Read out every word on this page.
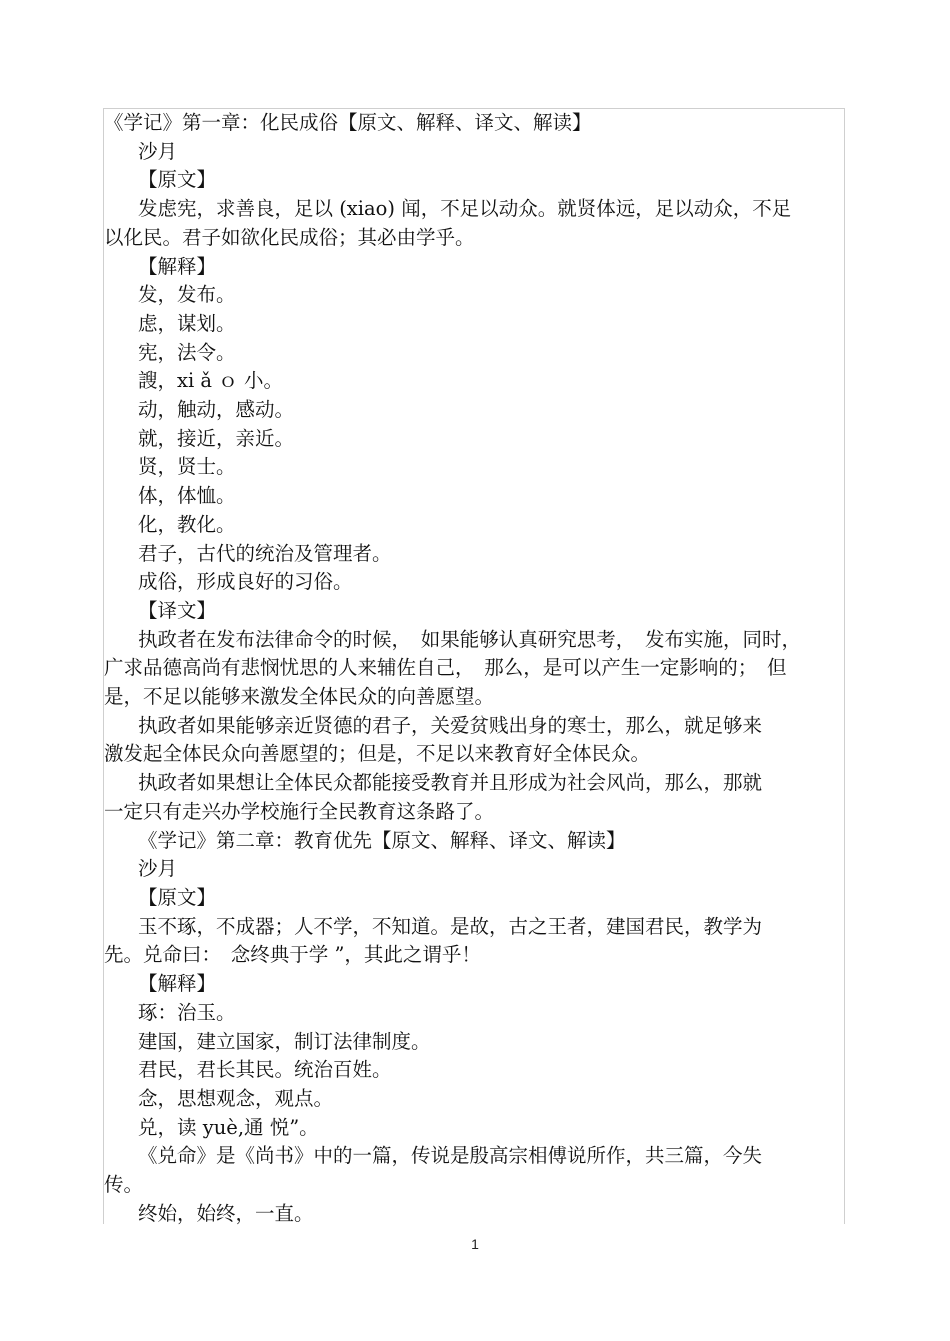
《学记》第一章：化民成俗【原文、解释、译文、解读】

沙月

【原文】

发虑宪，求善良，足以 (xiao) 闻，不足以动众。就贤体远，足以动众，不足

以化民。君子如欲化民成俗；其必由学乎。

【解释】

发，发布。

虑，谋划。

宪，法令。

謏，xi ǎ ｏ 小。

动，触动，感动。

就，接近，亲近。

贤，贤士。

体，体恤。

化，教化。

君子，古代的统治及管理者。

成俗，形成良好的习俗。

【译文】

执政者在发布法律命令的时候，　如果能够认真研究思考，　发布实施，同时，

广求品德高尚有悲悯忧思的人来辅佐自己，　那么，是可以产生一定影响的；　但

是，不足以能够来激发全体民众的向善愿望。

执政者如果能够亲近贤德的君子，关爱贫贱出身的寒士，那么，就足够来

激发起全体民众向善愿望的；但是，不足以来教育好全体民众。

执政者如果想让全体民众都能接受教育并且形成为社会风尚，那么，那就

一定只有走兴办学校施行全民教育这条路了。

《学记》第二章：教育优先【原文、解释、译文、解读】

沙月

【原文】

玉不琢，不成器；人不学，不知道。是故，古之王者，建国君民，教学为

先。兑命曰：　念终典于学 ”，其此之谓乎！

【解释】

琢：治玉。

建国，建立国家，制订法律制度。

君民，君长其民。统治百姓。

念，思想观念，观点。

兑，读 yuè,通 悦”。

《兑命》是《尚书》中的一篇，传说是殷高宗相傅说所作，共三篇，今失

传。

终始，始终，一直。

1
